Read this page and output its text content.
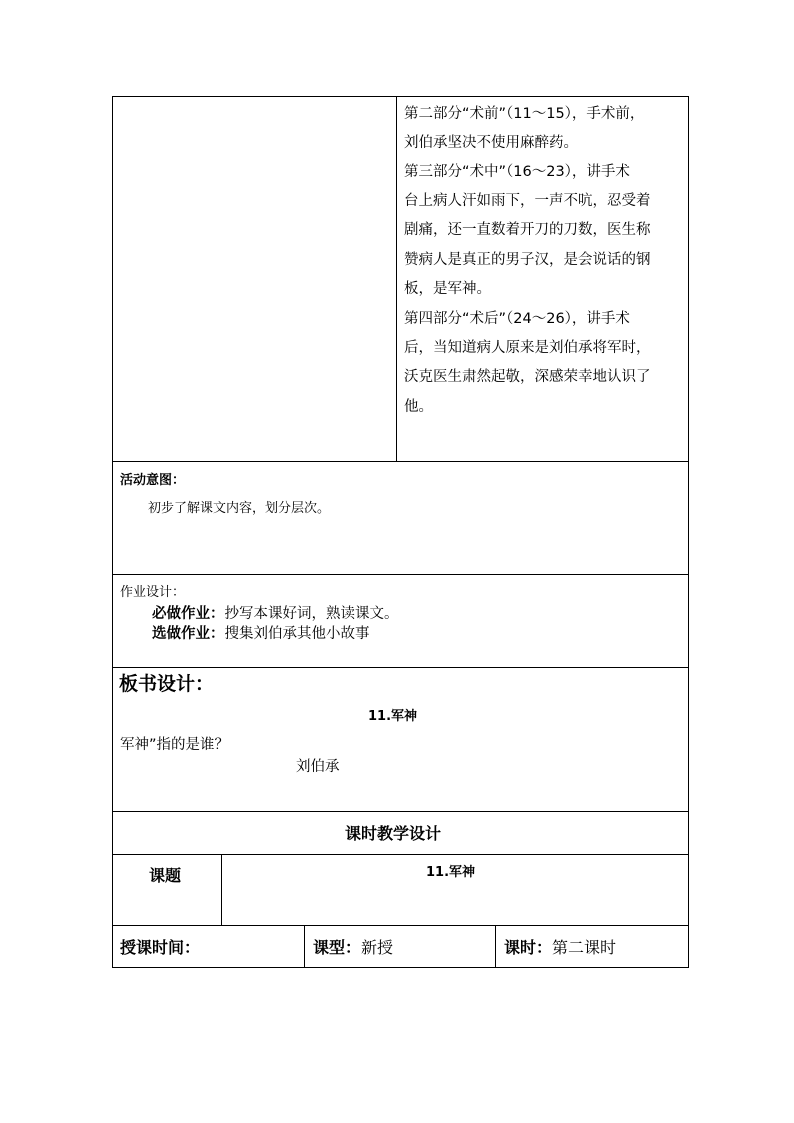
第二部分“术前”（11～15），手术前，
刘伯承坚决不使用麻醉药。
第三部分“术中”（16～23），讲手术
台上病人汗如雨下，一声不吭，忍受着
剧痛，还一直数着开刀的刀数，医生称
赞病人是真正的男子汉，是会说话的钢
板，是军神。
第四部分“术后”（24～26），讲手术
后，当知道病人原来是刘伯承将军时，
沃克医生肃然起敬，深感荣幸地认识了
他。
活动意图：
初步了解课文内容，划分层次。
作业设计：
必做作业：抄写本课好词，熟读课文。
选做作业：搜集刘伯承其他小故事
板书设计：
11.军神
军神”指的是谁？
刘伯承
课时教学设计
课题	11.军神
授课时间：	课型：新授	课时：第二课时
